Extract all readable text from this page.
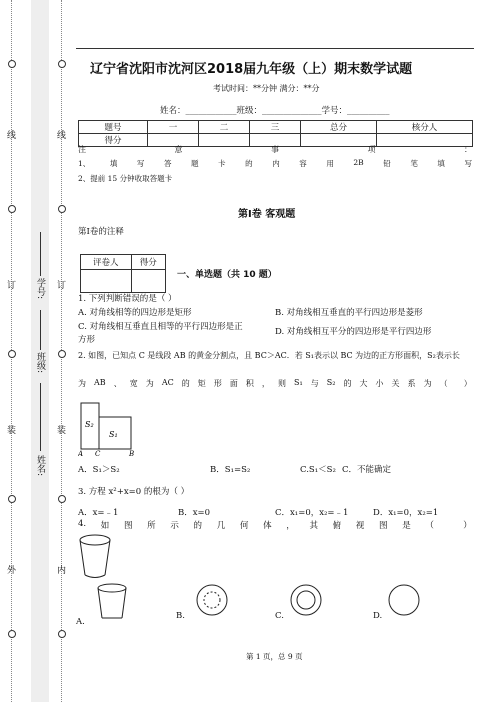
外
装
订
线
内
装
订
线
姓名:
班级:
学号:
辽宁省沈阳市沈河区2018届九年级（上）期末数学试题
考试时间：**分钟 满分：**分
姓名：____________班级：______________学号：__________
题号	一	二	三	总分	核分人
得分					
注	意	事	项	：
1、	填	写	答	题	卡	的	内	容	用	2B	铅	笔	填	写
2、提前 15 分钟收取答题卡
第Ⅰ卷 客观题
第Ⅰ卷的注释
评卷人	得分

一、单选题（共 10 题）
1. 下列判断错误的是（ ）
A. 对角线相等的四边形是矩形	B. 对角线相互垂直的平行四边形是菱形
C. 对角线相互垂直且相等的平行四边形是正
方形
D. 对角线相互平分的四边形是平行四边形
2. 如图，已知点 C 是线段 AB 的黄金分割点，且 BC＞AC．若 S₁表示以 BC 为边的正方形面积，S₂表示长
为 AB 、 宽 为 AC 的 矩 形 面 积 ， 则 S₁ 与 S₂ 的 大 小 关 系 为 （ ）
S₂
S₁
A C	B
A．S₁＞S₂	B．S₁=S₂	C.S₁＜S₂ C．不能确定
3. 方程 x²+x=0 的根为（ ）
A．x=﹣1	B．x=0	C．x₁=0，x₂=﹣1	D．x₁=0，x₂=1
4. 如 图 所 示 的 几 何 体 ， 其 俯 视 图 是 （	）
A.
B.	C.	D.
第 1 页，总 9 页
